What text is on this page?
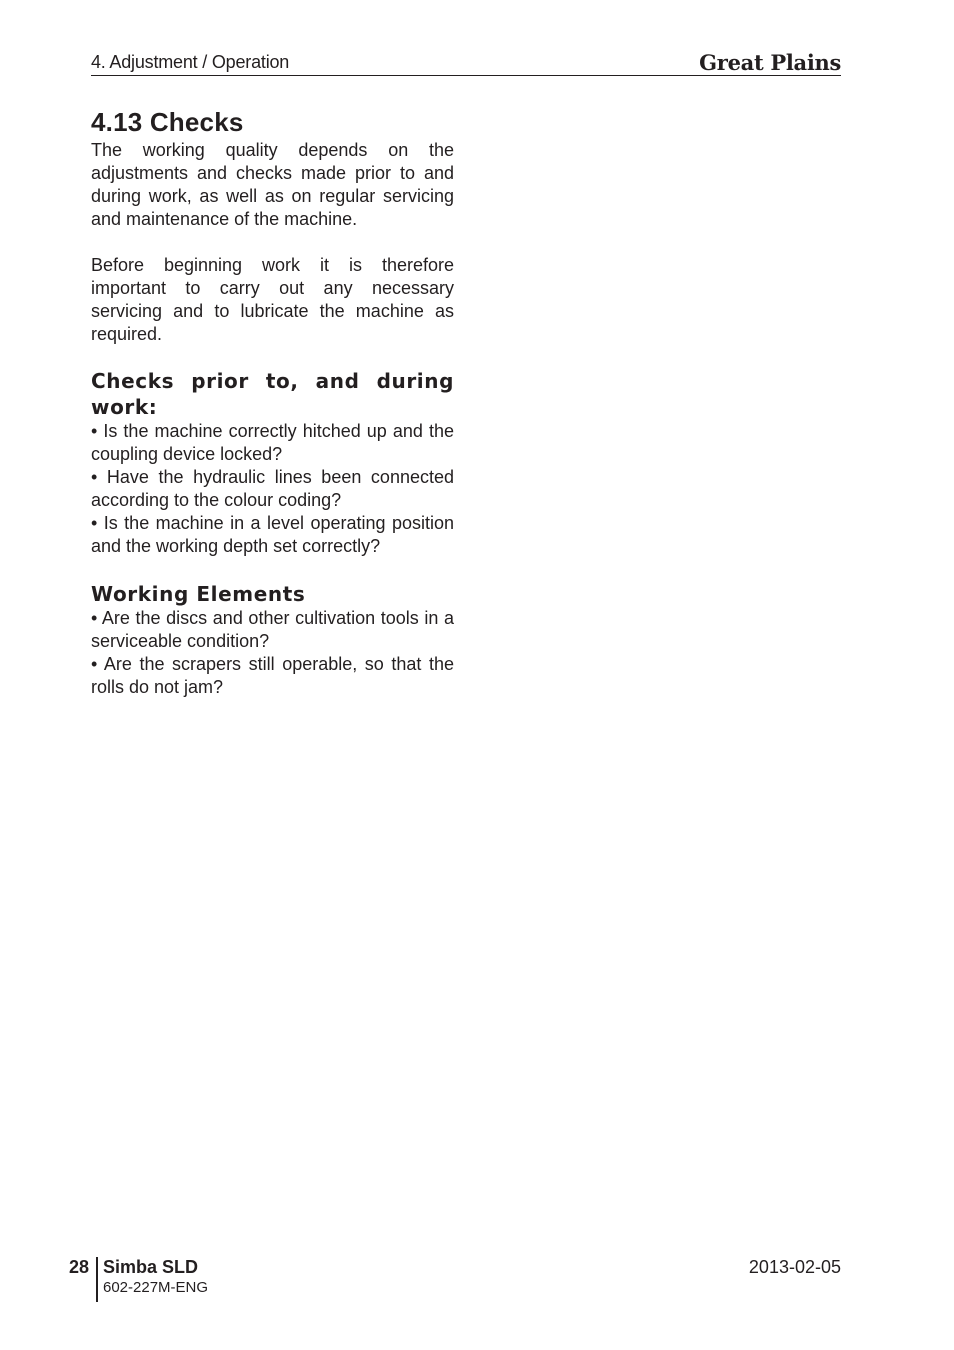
4. Adjustment / Operation	Great Plains
4.13 Checks

The working quality depends on the adjustments and checks made prior to and during work, as well as on regular servicing and maintenance of the machine.

Before beginning work it is therefore important to carry out any necessary servicing and to lubricate the machine as required.

Checks prior to, and during work:
• Is the machine correctly hitched up and the coupling device locked?
• Have the hydraulic lines been connected according to the colour coding?
• Is the machine in a level operating position and the working depth set correctly?
Working Elements
• Are the discs and other cultivation tools in a serviceable condition?
• Are the scrapers still operable, so that the rolls do not jam?
28 Simba SLD
602-227M-ENG
2013-02-05
